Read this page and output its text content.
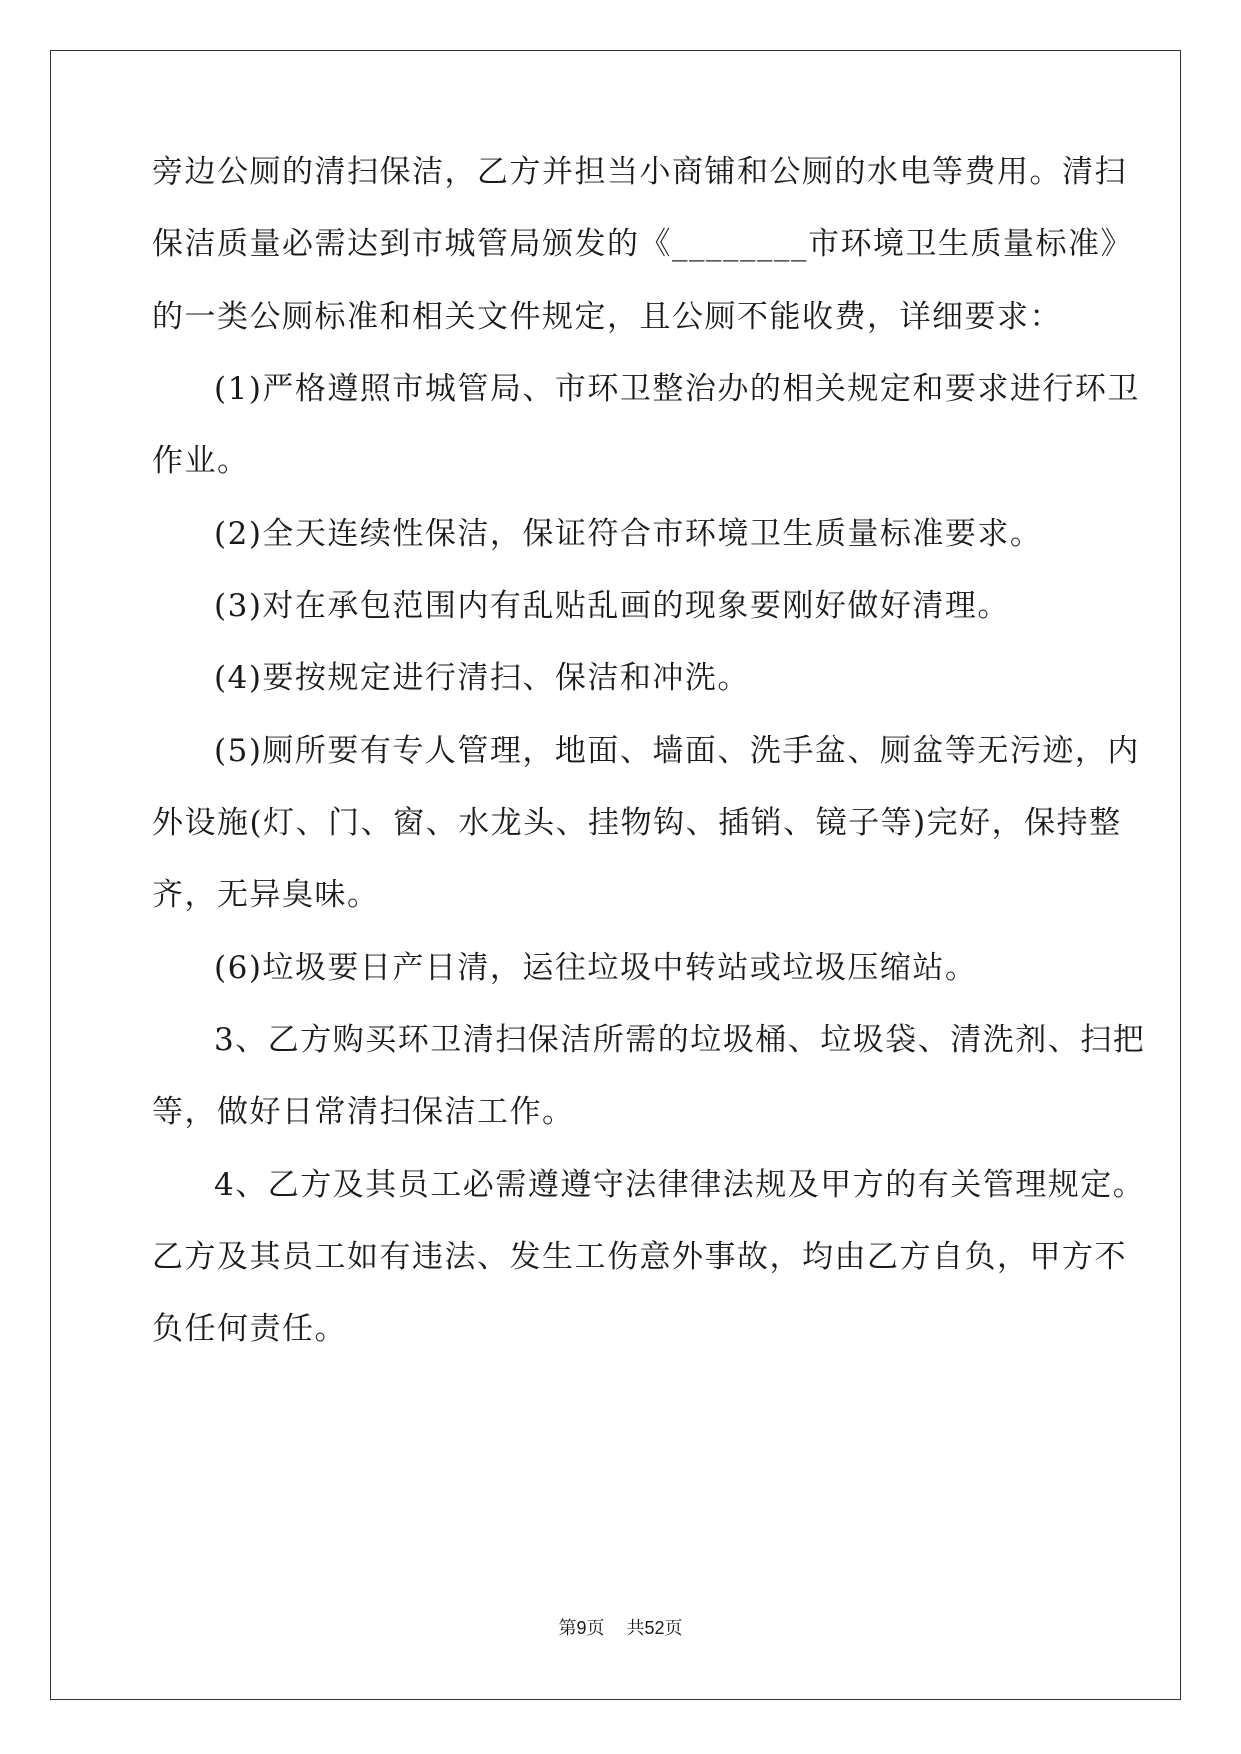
旁边公厕的清扫保洁，乙方并担当小商铺和公厕的水电等费用。清扫
保洁质量必需达到市城管局颁发的《________市环境卫生质量标准》
的一类公厕标准和相关文件规定，且公厕不能收费，详细要求：
(1)严格遵照市城管局、市环卫整治办的相关规定和要求进行环卫
作业。
(2)全天连续性保洁，保证符合市环境卫生质量标准要求。
(3)对在承包范围内有乱贴乱画的现象要刚好做好清理。
(4)要按规定进行清扫、保洁和冲洗。
(5)厕所要有专人管理，地面、墙面、洗手盆、厕盆等无污迹，内
外设施(灯、门、窗、水龙头、挂物钩、插销、镜子等)完好，保持整
齐，无异臭味。
(6)垃圾要日产日清，运往垃圾中转站或垃圾压缩站。
3、乙方购买环卫清扫保洁所需的垃圾桶、垃圾袋、清洗剂、扫把
等，做好日常清扫保洁工作。
4、乙方及其员工必需遵遵守法律律法规及甲方的有关管理规定。
乙方及其员工如有违法、发生工伤意外事故，均由乙方自负，甲方不
负任何责任。
第9页 共52页
